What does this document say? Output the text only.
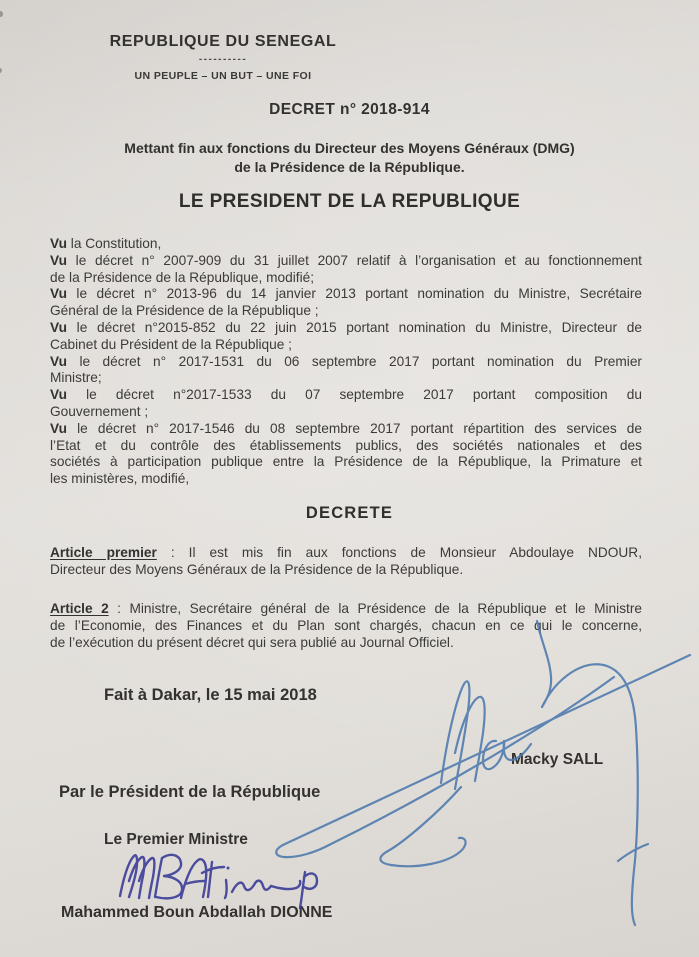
REPUBLIQUE DU SENEGAL
----------
UN PEUPLE – UN BUT – UNE FOI
DECRET n° 2018-914
Mettant fin aux fonctions du Directeur des Moyens Généraux (DMG)
de la Présidence de la République.
LE PRESIDENT DE LA REPUBLIQUE
Vu la Constitution,
Vu le décret n° 2007-909 du 31 juillet 2007 relatif à l’organisation et au fonctionnement
de la Présidence de la République, modifié;
Vu le décret n° 2013-96 du 14 janvier 2013 portant nomination du Ministre, Secrétaire
Général de la Présidence de la République ;
Vu le décret n°2015-852 du 22 juin 2015 portant nomination du Ministre, Directeur de
Cabinet du Président de la République ;
Vu le décret n° 2017-1531 du 06 septembre 2017 portant nomination du Premier
Ministre;
Vu le décret n°2017-1533 du 07 septembre 2017 portant composition du
Gouvernement ;
Vu le décret n° 2017-1546 du 08 septembre 2017 portant répartition des services de
l’Etat et du contrôle des établissements publics, des sociétés nationales et des
sociétés à participation publique entre la Présidence de la République, la Primature et
les ministères, modifié,
DECRETE
Article premier : Il est mis fin aux fonctions de Monsieur Abdoulaye NDOUR,
Directeur des Moyens Généraux de la Présidence de la République.
Article 2 : Ministre, Secrétaire général de la Présidence de la République et le Ministre
de l’Economie, des Finances et du Plan sont chargés, chacun en ce qui le concerne,
de l’exécution du présent décret qui sera publié au Journal Officiel.
Fait à Dakar, le 15 mai 2018
Macky SALL
Par le Président de la République
Le Premier Ministre
Mahammed Boun Abdallah DIONNE
